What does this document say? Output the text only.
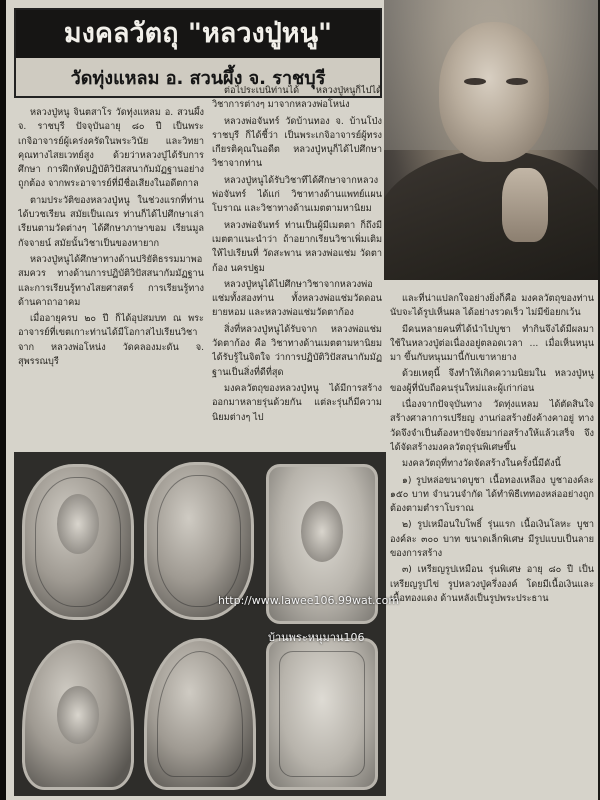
มงคลวัตถุ "หลวงปู่หนู"
วัดทุ่งแหลม อ. สวนผึ้ง จ. ราชบุรี

หลวงปู่หนู จินตสาโร วัดทุ่งแหลม อ. สวนผึ้ง จ. ราชบุรี ปัจจุบันอายุ ๘๐ ปี เป็นพระเกจิอาจารย์ผู้เคร่งครัดในพระวินัย และวิทยาคุณทางไสยเวทย์สูง ด้วยว่าหลวงปู่ได้รับการศึกษา การฝึกหัดปฏิบัติวิปัสสนากัมมัฏฐานอย่างถูกต้อง จากพระอาจารย์ที่มีชื่อเสียงในอดีตกาล

ตามประวัติของหลวงปู่หนู ในช่วงแรกที่ท่านได้บวชเรียน สมัยเป็นเณร ท่านก็ได้ไปศึกษาเล่าเรียนตามวัดต่างๆ ได้ศึกษาภาษาขอม เรียนมูลกัจจายน์ สมัยนั้นวิชาเป็นของหายาก

หลวงปู่หนูได้ศึกษาทางด้านปริยัติธรรมมาพอสมควร ทางด้านการปฏิบัติวิปัสสนากัมมัฏฐาน และการเรียนรู้ทางไสยศาสตร์ การเรียนรู้ทางด้านคาถาอาคม

เมื่ออายุครบ ๒๐ ปี ก็ได้อุปสมบท ณ พระอาจารย์ที่เขตเกาะท่านได้มีโอกาสไปเรียนวิชาจาก หลวงพ่อโหน่ง วัดคลองมะดัน จ. สุพรรณบุรี

ต่อไประเบนิท่านได้ หลวงปู่หนูก็ไปได้วิชาการต่างๆ มาจากหลวงพ่อโหน่ง

หลวงพ่อจันทร์ วัดบ้านทอง จ. บ้านโป่ง ราชบุรี ก็ได้ชี้ว่า เป็นพระเกจิอาจารย์ผู้ทรงเกียรติคุณในอดีต หลวงปู่หนูก็ได้ไปศึกษาวิชาจากท่าน

หลวงปู่หนูได้รับวิชาทีได้ศึกษาจากหลวงพ่อจันทร์ ได้แก่ วิชาทางด้านแพทย์แผนโบราณ และวิชาทางด้านเมตตามหานิยม

หลวงพ่อจันทร์ ท่านเป็นผู้มีเมตตา ก็ถึงมีเมตตาแนะนำว่า ถ้าอยากเรียนวิชาเพิ่มเติม ให้ไปเรียนที่ วัดสะพาน หลวงพ่อแช่ม วัดตาก้อง นครปฐม

หลวงปู่หนูได้ไปศึกษาวิชาจากหลวงพ่อแช่มทั้งสองท่าน ทั้งหลวงพ่อแช่มวัดดอนยายหอม และหลวงพ่อแช่มวัดตาก้อง

สิ่งที่หลวงปู่หนูได้รับจาก หลวงพ่อแช่ม วัดตาก้อง คือ วิชาทางด้านเมตตามหานิยม ได้รับรู้ในจิตใจ ว่าการปฏิบัติวิปัสสนากัมมัฏฐานเป็นสิ่งที่ดีที่สุด

มงคลวัตถุของหลวงปู่หนู ได้มีการสร้างออกมาหลายรุ่นด้วยกัน แต่ละรุ่นก็มีความนิยมต่างๆ ไป

และที่น่าแปลกใจอย่างยิ่งก็คือ มงคลวัตถุของท่านนับจะได้รูปเห็นผล ได้อย่างรวดเร็ว ไม่มีข้อยกเว้น

มีคนหลายคนที่ได้นำไปบูชา ทำกินจึงได้มีผลมาใช้ในหลวงปู่ต่อเนื่องอยู่ตลอดเวลา ... เมื่อเห็นหนุนมา ขึ้นกับหนุนมานี้กับเขาหายาง

ด้วยเหตุนี้ จึงทำให้เกิดความนิยมใน หลวงปู่หนู ของผู้ที่นับถือคนรุ่นใหม่และผู้เก่าก่อน

เนื่องจากปัจจุบันทาง วัดทุ่งแหลม ได้ตัดสินใจสร้างศาลาการเปรียญ งานก่อสร้างยังค้างคาอยู่ ทางวัดจึงจำเป็นต้องหาปัจจัยมาก่อสร้างให้แล้วเสร็จ จึงได้จัดสร้างมงคลวัตถุรุ่นพิเศษขึ้น

มงคลวัตถุที่ทางวัดจัดสร้างในครั้งนี้มีดังนี้

๑) รูปหล่อขนาดบูชา เนื้อทองเหลือง บูชาองค์ละ ๑๕๐ บาท จำนวนจำกัด ได้ทำพิธีเททองหล่ออย่างถูกต้องตามตำราโบราณ

๒) รูปเหมือนใบโพธิ์ รุ่นแรก เนื้อเงินโลหะ บูชาองค์ละ ๓๐๐ บาท ขนาดเล็กพิเศษ มีรูปแบบเป็นลายของการสร้าง

๓) เหรียญรูปเหมือน รุ่นพิเศษ อายุ ๘๐ ปี เป็นเหรียญรูปไข่ รูปหลวงปู่ครึ่งองค์ โดยมีเนื้อเงินและเนื้อทองแดง ด้านหลังเป็นรูปพระประธาน

http://www.lawee106.99wat.com
บ้านพระหนุมาน106
